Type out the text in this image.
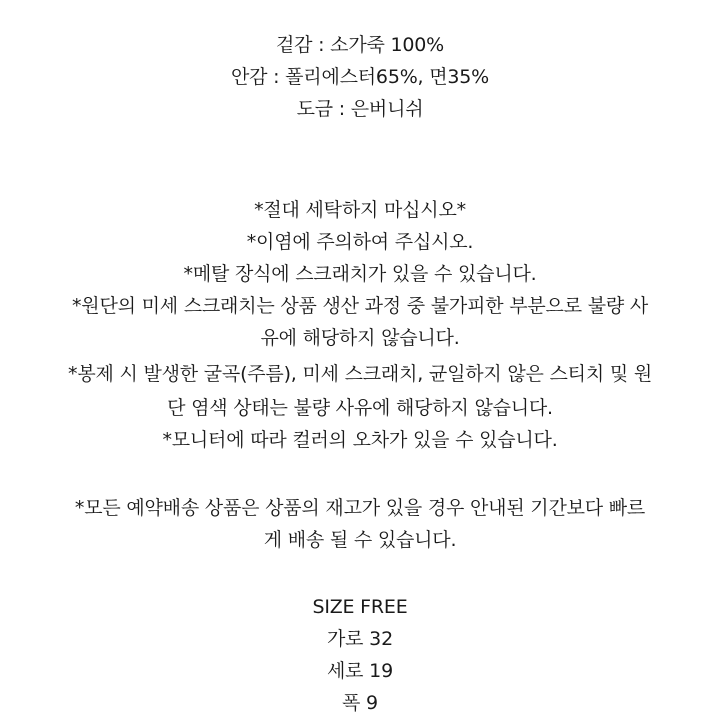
겉감 : 소가죽 100%
안감 : 폴리에스터65%, 면35%
도금 : 은버니쉬
*절대 세탁하지 마십시오*
*이염에 주의하여 주십시오.
*메탈 장식에 스크래치가 있을 수 있습니다.
*원단의 미세 스크래치는 상품 생산 과정 중 불가피한 부분으로 불량 사
유에 해당하지 않습니다.
*봉제 시 발생한 굴곡(주름), 미세 스크래치, 균일하지 않은 스티치 및 원
단 염색 상태는 불량 사유에 해당하지 않습니다.
*모니터에 따라 컬러의 오차가 있을 수 있습니다.
*모든 예약배송 상품은 상품의 재고가 있을 경우 안내된 기간보다 빠르
게 배송 될 수 있습니다.
SIZE FREE
가로 32
세로 19
폭 9
